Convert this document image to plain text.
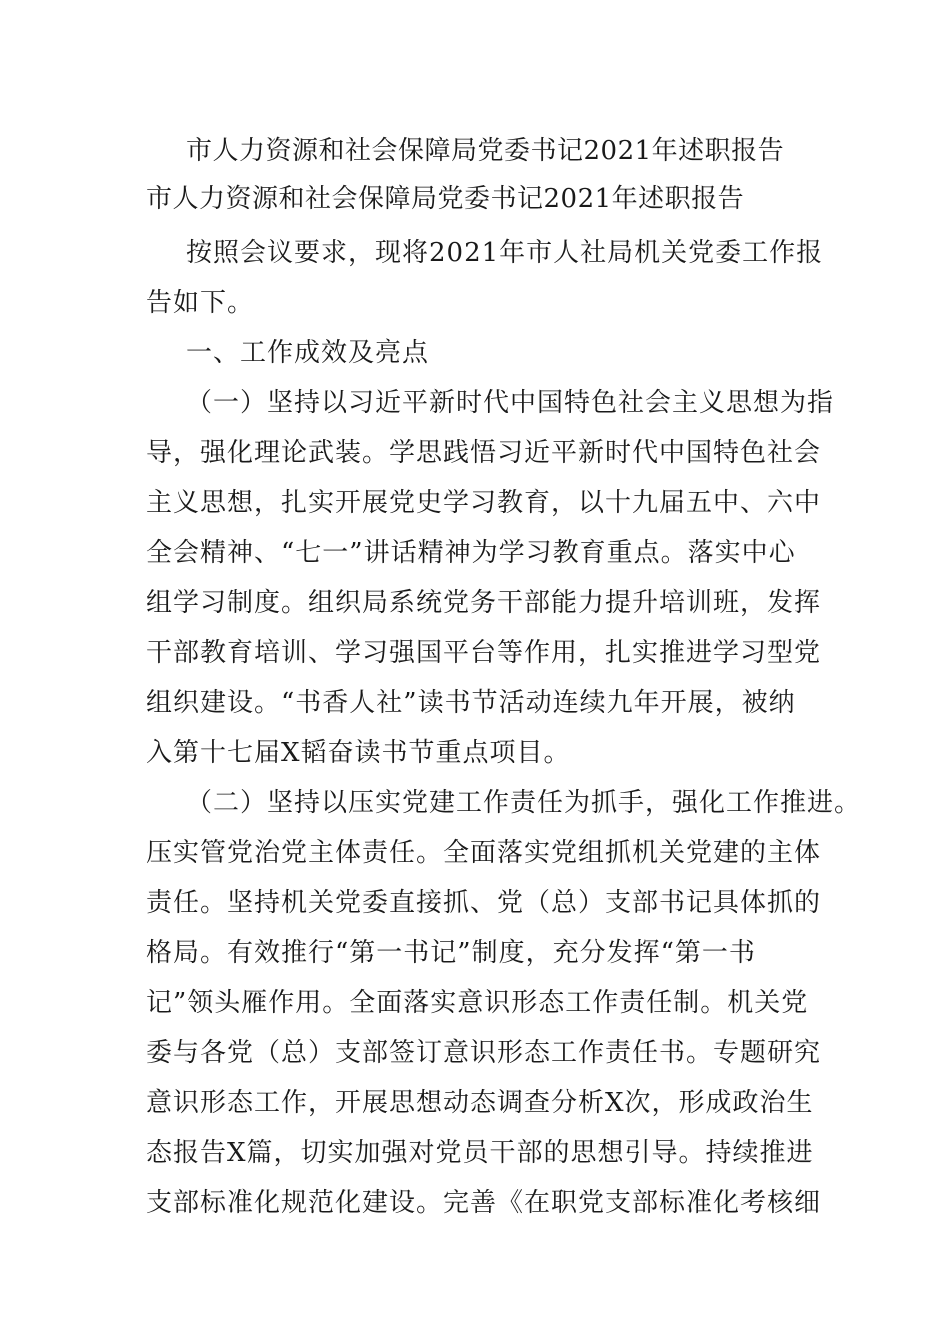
市人力资源和社会保障局党委书记2021年述职报告
市人力资源和社会保障局党委书记2021年述职报告
按照会议要求，现将2021年市人社局机关党委工作报
告如下。
一、工作成效及亮点
（一）坚持以习近平新时代中国特色社会主义思想为指
导，强化理论武装。学思践悟习近平新时代中国特色社会
主义思想，扎实开展党史学习教育，以十九届五中、六中
全会精神、“七一”讲话精神为学习教育重点。落实中心
组学习制度。组织局系统党务干部能力提升培训班，发挥
干部教育培训、学习强国平台等作用，扎实推进学习型党
组织建设。“书香人社”读书节活动连续九年开展，被纳
入第十七届X韬奋读书节重点项目。
（二）坚持以压实党建工作责任为抓手，强化工作推进。
压实管党治党主体责任。全面落实党组抓机关党建的主体
责任。坚持机关党委直接抓、党（总）支部书记具体抓的
格局。有效推行“第一书记”制度，充分发挥“第一书
记”领头雁作用。全面落实意识形态工作责任制。机关党
委与各党（总）支部签订意识形态工作责任书。专题研究
意识形态工作，开展思想动态调查分析X次，形成政治生
态报告X篇，切实加强对党员干部的思想引导。持续推进
支部标准化规范化建设。完善《在职党支部标准化考核细
